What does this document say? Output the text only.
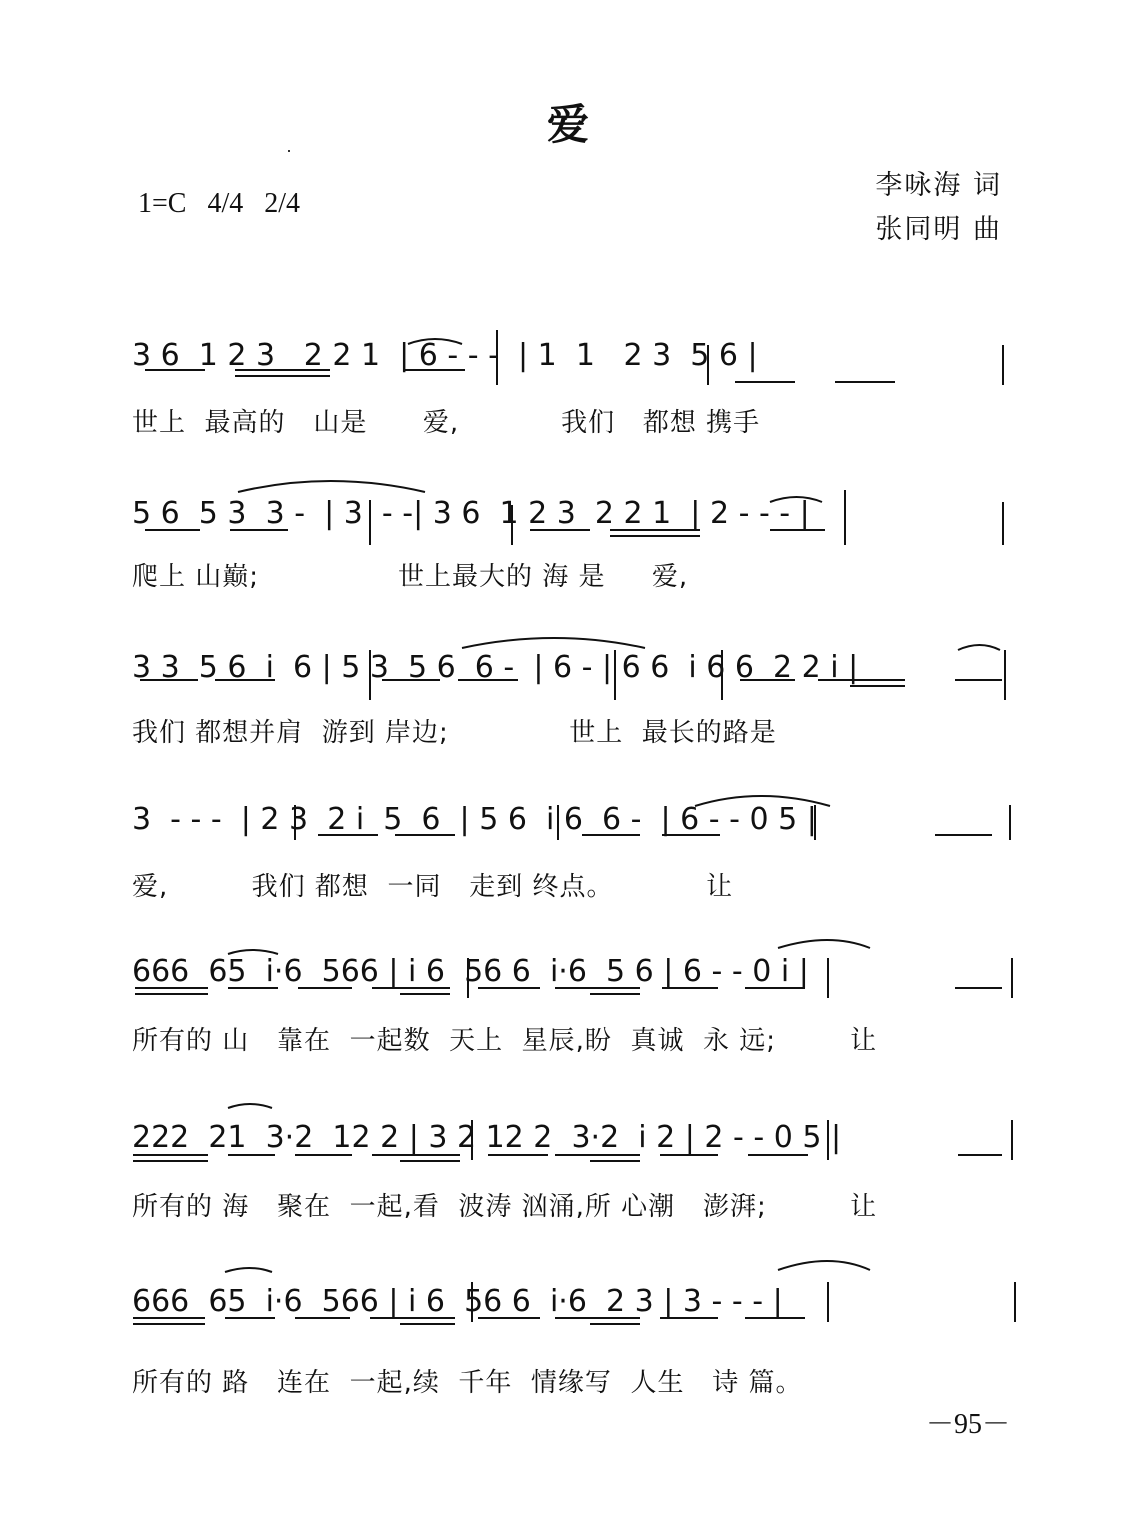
爱
1=C 4/4   2/4
李咏海 词
张同明 曲
3 6  1 2 3   2 2 1  | 6 - - -  | 1  1   2 3  5 6 |
世上  最高的   山是      爱,           我们   都想 携手
5 6  5 3  3 -  | 3  - -| 3 6  1 2 3  2 2 1  | 2 - - - |
爬上 山巅;               世上最大的 海 是     爱,
3 3  5 6  i  6 | 5 3  5 6  6 -  | 6 - | 6 6  i 6 6  2 2 i |
我们 都想并肩  游到 岸边;             世上  最长的路是
3  - - -  | 2 3  2 i  5  6  | 5 6  i 6  6 -  | 6 - - 0 5 |
爱,         我们 都想  一同   走到 终点。          让
666  65  i·6  566 | i 6  56 6  i·6  5 6 | 6 - - 0 i |
所有的 山   靠在  一起数  天上  星辰,盼  真诚  永 远;        让
222  21  3·2  12 2 | 3 2 12 2  3·2  i 2 | 2 - - 0 5 |
所有的 海   聚在  一起,看  波涛 汹涌,所 心潮   澎湃;         让
666  65  i·6  566 | i 6  56 6  i·6  2 3 | 3 - - - |
所有的 路   连在  一起,续  千年  情缘写  人生   诗 篇。
－95－
